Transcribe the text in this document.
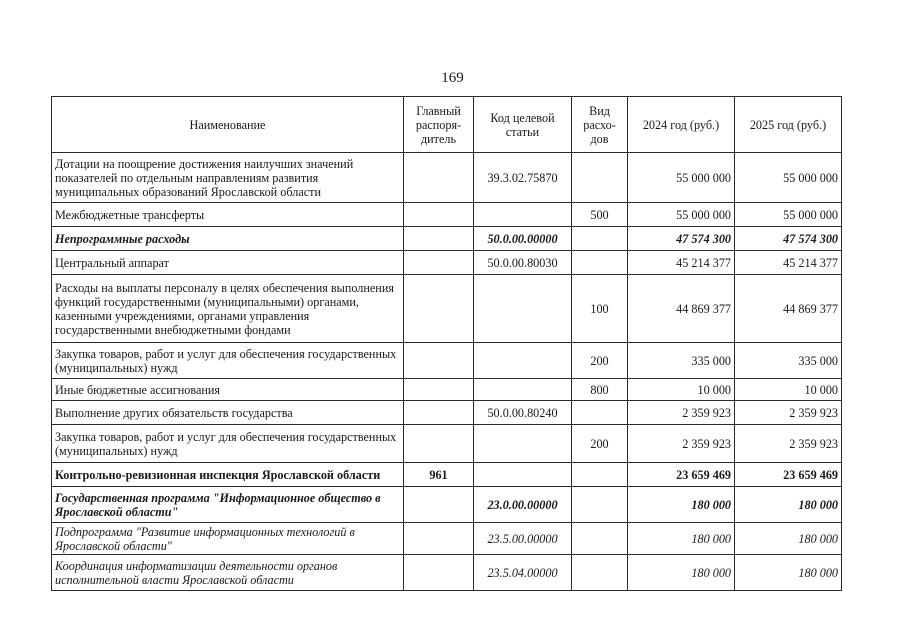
169
Наименование	Главный распоря-дитель	Код целевой статьи	Вид расхо-дов	2024 год (руб.)	2025 год (руб.)
Дотации на поощрение достижения наилучших значений показателей по отдельным направлениям развития муниципальных образований Ярославской области		39.3.02.75870		55 000 000	55 000 000
Межбюджетные трансферты			500	55 000 000	55 000 000
Непрограммные расходы		50.0.00.00000		47 574 300	47 574 300
Центральный аппарат		50.0.00.80030		45 214 377	45 214 377
Расходы на выплаты персоналу в целях обеспечения выполнения функций государственными (муниципальными) органами, казенными учреждениями, органами управления государственными внебюджетными фондами			100	44 869 377	44 869 377
Закупка товаров, работ и услуг для обеспечения государственных (муниципальных) нужд			200	335 000	335 000
Иные бюджетные ассигнования			800	10 000	10 000
Выполнение других обязательств государства		50.0.00.80240		2 359 923	2 359 923
Закупка товаров, работ и услуг для обеспечения государственных (муниципальных) нужд			200	2 359 923	2 359 923
Контрольно-ревизионная инспекция Ярославской области	961			23 659 469	23 659 469
Государственная программа "Информационное общество в Ярославской области"		23.0.00.00000		180 000	180 000
Подпрограмма "Развитие информационных технологий в Ярославской области"		23.5.00.00000		180 000	180 000
Координация информатизации деятельности органов исполнительной власти Ярославской области		23.5.04.00000		180 000	180 000
